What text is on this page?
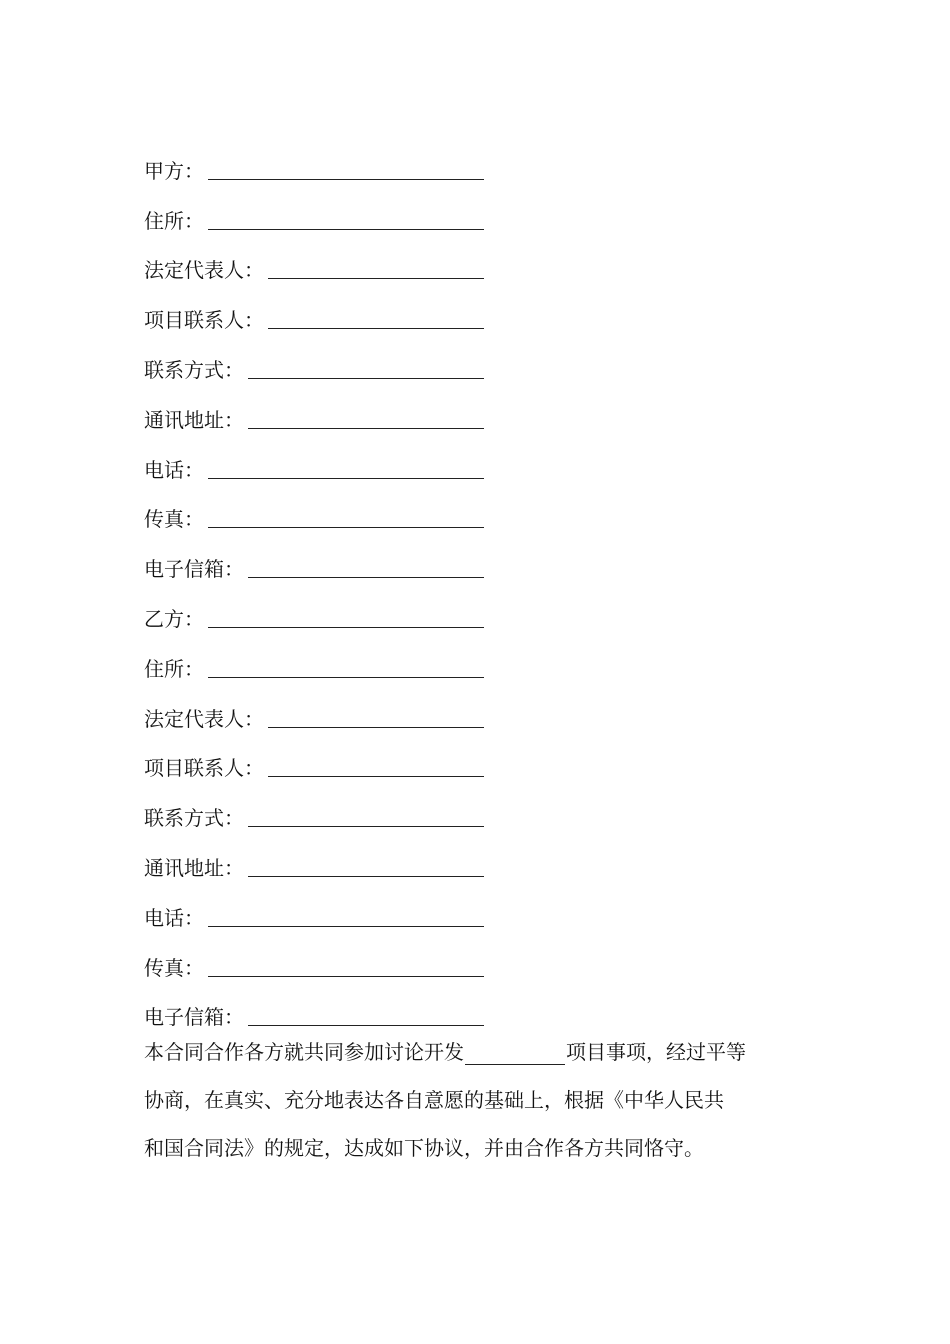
甲方：
住所：
法定代表人：
项目联系人：
联系方式：
通讯地址：
电话：
传真：
电子信箱：
乙方：
住所：
法定代表人：
项目联系人：
联系方式：
通讯地址：
电话：
传真：
电子信箱：
本合同合作各方就共同参加讨论开发	项目事项，经过平等
协商，在真实、充分地表达各自意愿的基础上，根据《中华人民共
和国合同法》的规定，达成如下协议，并由合作各方共同恪守。
